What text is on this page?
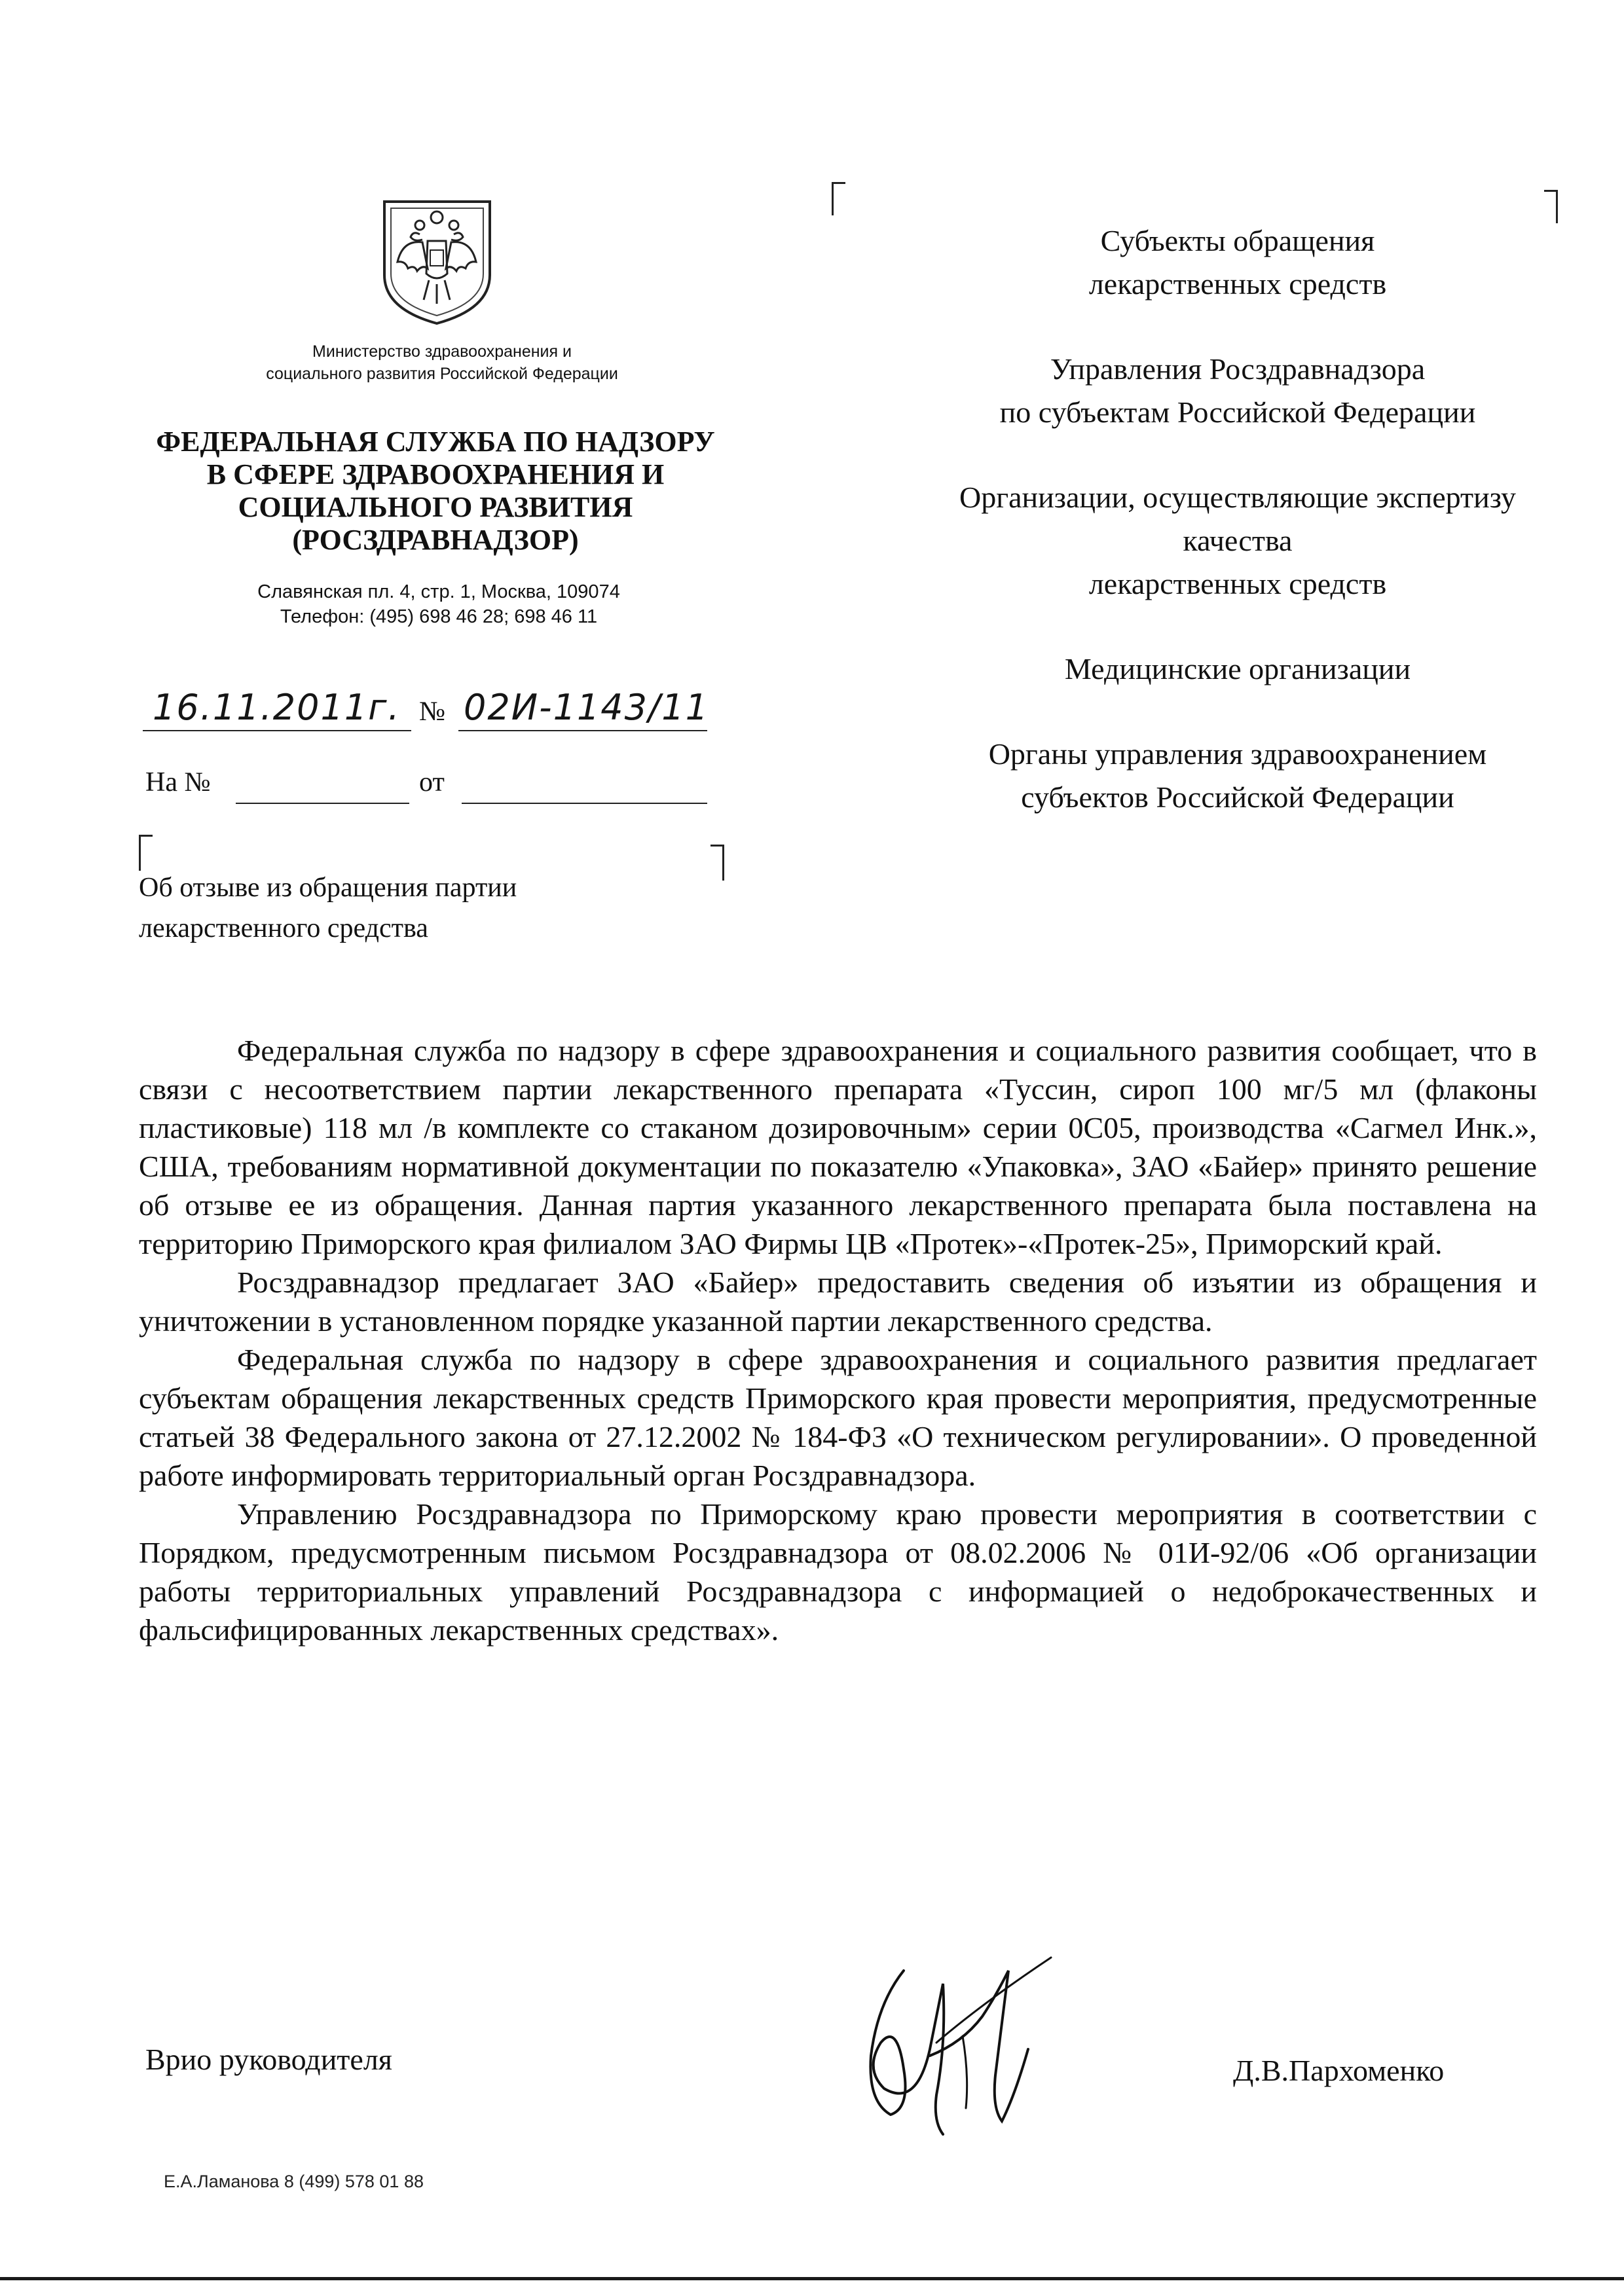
Министерство здравоохранения и
социального развития Российской Федерации
ФЕДЕРАЛЬНАЯ СЛУЖБА ПО НАДЗОРУ
В СФЕРЕ ЗДРАВООХРАНЕНИЯ И
СОЦИАЛЬНОГО РАЗВИТИЯ
(РОСЗДРАВНАДЗОР)
Славянская пл. 4, стр. 1, Москва, 109074
Телефон: (495) 698 46 28; 698 46 11
16.11.2011г. № 02И-1143/11
На №	от
Об отзыве из обращения партии
лекарственного средства
Субъекты обращения
лекарственных средств
Управления Росздравнадзора
по субъектам Российской Федерации
Организации, осуществляющие экспертизу
качества
лекарственных средств
Медицинские организации
Органы управления здравоохранением
субъектов Российской Федерации

Федеральная служба по надзору в сфере здравоохранения и социального развития сообщает, что в связи с несоответствием партии лекарственного препарата «Туссин, сироп 100 мг/5 мл (флаконы пластиковые) 118 мл /в комплекте со стаканом дозировочным» серии 0С05, производства «Сагмел Инк.», США, требованиям нормативной документации по показателю «Упаковка», ЗАО «Байер» принято решение об отзыве ее из обращения. Данная партия указанного лекарственного препарата была поставлена на территорию Приморского края филиалом ЗАО Фирмы ЦВ «Протек»-«Протек-25», Приморский край.

Росздравнадзор предлагает ЗАО «Байер» предоставить сведения об изъятии из обращения и уничтожении в установленном порядке указанной партии лекарственного средства.

Федеральная служба по надзору в сфере здравоохранения и социального развития предлагает субъектам обращения лекарственных средств Приморского края провести мероприятия, предусмотренные статьей 38 Федерального закона от 27.12.2002 № 184-ФЗ «О техническом регулировании». О проведенной работе информировать территориальный орган Росздравнадзора.

Управлению Росздравнадзора по Приморскому краю провести мероприятия в соответствии с Порядком, предусмотренным письмом Росздравнадзора от 08.02.2006 № 01И-92/06 «Об организации работы территориальных управлений Росздравнадзора с информацией о недоброкачественных и фальсифицированных лекарственных средствах».

Врио руководителя	Д.В.Пархоменко
Е.А.Ламанова 8 (499) 578 01 88
